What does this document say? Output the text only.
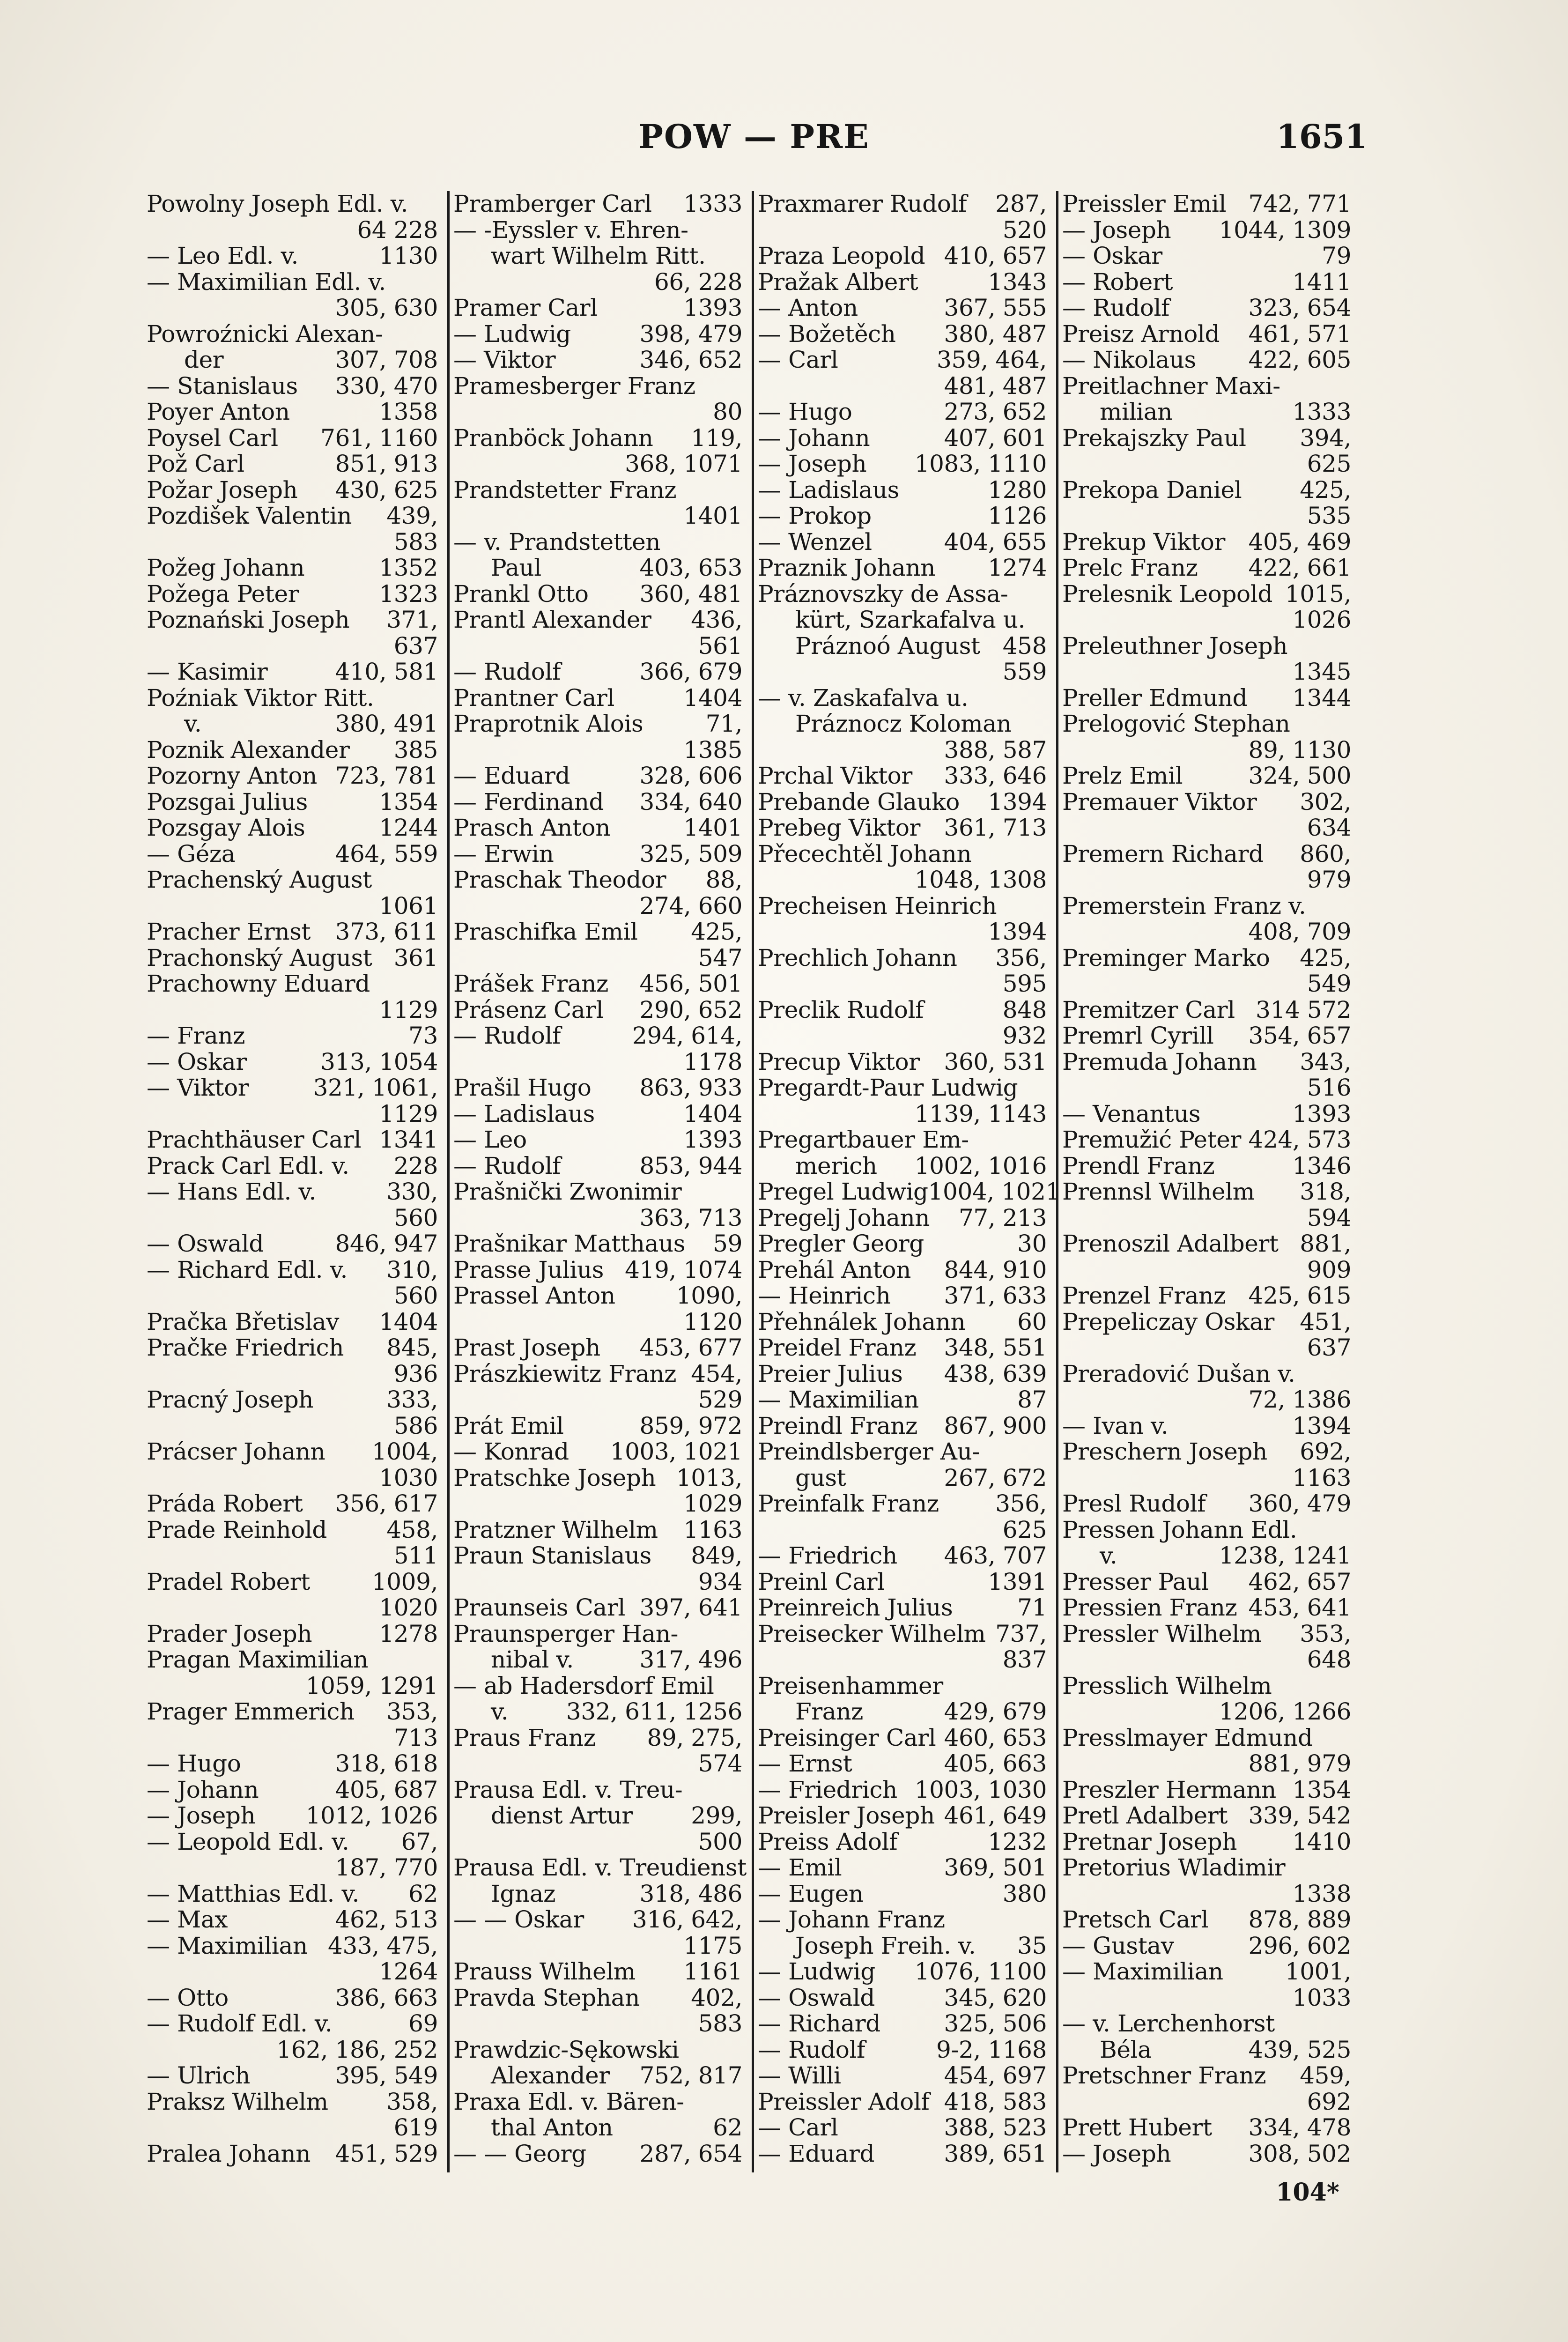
POW — PRE	1651
Powolny Joseph Edl. v.
64 228
— Leo Edl. v.	1130
— Maximilian Edl. v.
305, 630
Powroźnicki Alexan-
der	307, 708
— Stanislaus	330, 470
Poyer Anton	1358
Poysel Carl	761, 1160
Pož Carl	851, 913
Požar Joseph	430, 625
Pozdišek Valentin	439,
583
Požeg Johann	1352
Požega Peter	1323
Poznański Joseph	371,
637
— Kasimir	410, 581
Poźniak Viktor Ritt.
v.	380, 491
Poznik Alexander	385
Pozorny Anton 723, 781
Pozsgai Julius	1354
Pozsgay Alois	1244
— Géza	464, 559
Prachenský August
1061
Pracher Ernst	373, 611
Prachonský August 361
Prachowny Eduard
1129
— Franz	73
— Oskar	313, 1054
— Viktor	321, 1061,
1129
Prachthäuser Carl 1341
Prack Carl Edl. v.	228
— Hans Edl. v.	330,
560
— Oswald	846, 947
— Richard Edl. v.	310,
560
Pračka Břetislav	1404
Pračke Friedrich	845,
936
Pracný Joseph	333,
586
Prácser Johann	1004,
1030
Práda Robert	356, 617
Prade Reinhold	458,
511
Pradel Robert	1009,
1020
Prader Joseph	1278
Pragan Maximilian
1059, 1291
Prager Emmerich	353,
713
— Hugo	318, 618
— Johann	405, 687
— Joseph	1012, 1026
— Leopold Edl. v.	67,
187, 770
— Matthias Edl. v.	62
— Max	462, 513
— Maximilian 433, 475,
1264
— Otto	386, 663
— Rudolf Edl. v.	69
162, 186, 252
— Ulrich	395, 549
Praksz Wilhelm	358,
619
Pralea Johann	451, 529
Pramberger Carl	1333
— -Eyssler v. Ehren-
wart Wilhelm Ritt.
66, 228
Pramer Carl	1393
— Ludwig	398, 479
— Viktor	346, 652
Pramesberger Franz
80
Pranböck Johann	119,
368, 1071
Prandstetter Franz
1401
— v. Prandstetten
Paul	403, 653
Prankl Otto	360, 481
Prantl Alexander	436,
561
— Rudolf	366, 679
Prantner Carl	1404
Praprotnik Alois	71,
1385
— Eduard	328, 606
— Ferdinand	334, 640
Prasch Anton	1401
— Erwin	325, 509
Praschak Theodor	88,
274, 660
Praschifka Emil	425,
547
Prášek Franz	456, 501
Prásenz Carl	290, 652
— Rudolf	294, 614,
1178
Prašil Hugo	863, 933
— Ladislaus	1404
— Leo	1393
— Rudolf	853, 944
Prašnički Zwonimir
363, 713
Prašnikar Matthaus	59
Prasse Julius 419, 1074
Prassel Anton	1090,
1120
Prast Joseph	453, 677
Prászkiewitz Franz 454,
529
Prát Emil	859, 972
— Konrad	1003, 1021
Pratschke Joseph 1013,
1029
Pratzner Wilhelm	1163
Praun Stanislaus	849,
934
Praunseis Carl 397, 641
Praunsperger Han-
nibal v.	317, 496
— ab Hadersdorf Emil
v.	332, 611, 1256
Praus Franz	89, 275,
574
Prausa Edl. v. Treu-
dienst Artur	299,
500
Prausa Edl. v. Treudienst
Ignaz	318, 486
— — Oskar	316, 642,
1175
Prauss Wilhelm	1161
Pravda Stephan	402,
583
Prawdzic-Sękowski
Alexander	752, 817
Praxa Edl. v. Bären-
thal Anton	62
— — Georg	287, 654
Praxmarer Rudolf	287,
520
Praza Leopold 410, 657
Pražak Albert	1343
— Anton	367, 555
— Božetěch	380, 487
— Carl	359, 464,
481, 487
— Hugo	273, 652
— Johann	407, 601
— Joseph	1083, 1110
— Ladislaus	1280
— Prokop	1126
— Wenzel	404, 655
Praznik Johann	1274
Práznovszky de Assa-
kürt, Szarkafalva u.
Práznoó August 458
559
— v. Zaskafalva u.
Práznocz Koloman
388, 587
Prchal Viktor	333, 646
Prebande Glauko	1394
Prebeg Viktor	361, 713
Přecechtěl Johann
1048, 1308
Precheisen Heinrich
1394
Prechlich Johann	356,
595
Preclik Rudolf	848
932
Precup Viktor	360, 531
Pregardt-Paur Ludwig
1139, 1143
Pregartbauer Em-
merich	1002, 1016
Pregel Ludwig 1004, 1021
Pregelj Johann	77, 213
Pregler Georg	30
Prehál Anton	844, 910
— Heinrich	371, 633
Přehnálek Johann	60
Preidel Franz	348, 551
Preier Julius	438, 639
— Maximilian	87
Preindl Franz	867, 900
Preindlsberger Au-
gust	267, 672
Preinfalk Franz	356,
625
— Friedrich	463, 707
Preinl Carl	1391
Preinreich Julius	71
Preisecker Wilhelm 737,
837
Preisenhammer
Franz	429, 679
Preisinger Carl 460, 653
— Ernst	405, 663
— Friedrich 1003, 1030
Preisler Joseph 461, 649
Preiss Adolf	1232
— Emil	369, 501
— Eugen	380
— Johann Franz
Joseph Freih. v.	35
— Ludwig	1076, 1100
— Oswald	345, 620
— Richard	325, 506
— Rudolf	9-2, 1168
— Willi	454, 697
Preissler Adolf 418, 583
— Carl	388, 523
— Eduard	389, 651
Preissler Emil 742, 771
— Joseph	1044, 1309
— Oskar	79
— Robert	1411
— Rudolf	323, 654
Preisz Arnold	461, 571
— Nikolaus	422, 605
Preitlachner Maxi-
milian	1333
Prekajszky Paul	394,
625
Prekopa Daniel	425,
535
Prekup Viktor 405, 469
Prelc Franz	422, 661
Prelesnik Leopold 1015,
1026
Preleuthner Joseph
1345
Preller Edmund	1344
Prelogović Stephan
89, 1130
Prelz Emil	324, 500
Premauer Viktor	302,
634
Premern Richard	860,
979
Premerstein Franz v.
408, 709
Preminger Marko	425,
549
Premitzer Carl 314 572
Premrl Cyrill	354, 657
Premuda Johann	343,
516
— Venantus	1393
Premužić Peter 424, 573
Prendl Franz	1346
Prennsl Wilhelm	318,
594
Prenoszil Adalbert 881,
909
Prenzel Franz 425, 615
Prepeliczay Oskar	451,
637
Preradović Dušan v.
72, 1386
— Ivan v.	1394
Preschern Joseph	692,
1163
Presl Rudolf	360, 479
Pressen Johann Edl.
v.	1238, 1241
Presser Paul	462, 657
Pressien Franz 453, 641
Pressler Wilhelm	353,
648
Presslich Wilhelm
1206, 1266
Presslmayer Edmund
881, 979
Preszler Hermann 1354
Pretl Adalbert 339, 542
Pretnar Joseph	1410
Pretorius Wladimir
1338
Pretsch Carl	878, 889
— Gustav	296, 602
— Maximilian	1001,
1033
— v. Lerchenhorst
Béla	439, 525
Pretschner Franz	459,
692
Prett Hubert	334, 478
— Joseph	308, 502
104*
